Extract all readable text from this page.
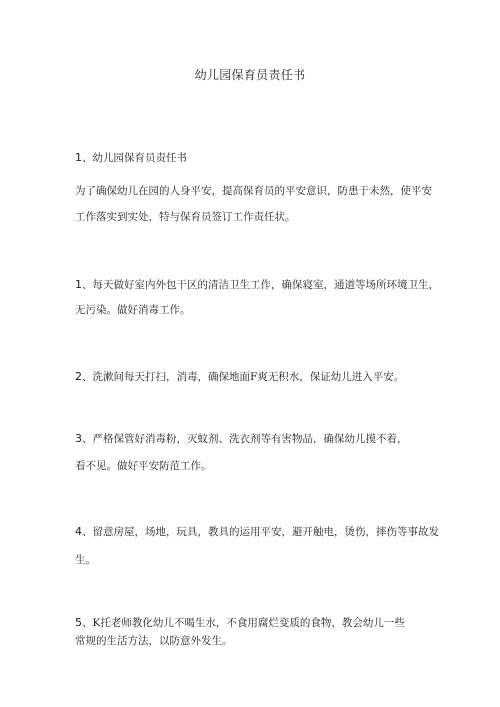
幼儿园保育员责任书
1、幼儿园保育员责任书
为了确保幼儿在园的人身平安，提高保育员的平安意识，防患于未然，使平安
工作落实到实处，特与保育员签订工作责任状。
1、每天做好室内外包干区的清洁卫生工作，确保寝室，通道等场所环境卫生，
无污染。做好消毒工作。
2、洗漱间每天打扫，消毒，确保地面F爽无积水，保证幼儿进入平安。
3、严格保管好消毒粉，灭蚊剂、洗衣剂等有害物品，确保幼儿摸不着，
看不见。做好平安防范工作。
4、留意房屋，场地，玩具，教具的运用平安，避开触电，烫伤，摔伤等事故发
生。
5、K托老师教化幼儿不喝生水，不食用腐烂变质的食物，教会幼儿一些
常规的生活方法，以防意外发生。
